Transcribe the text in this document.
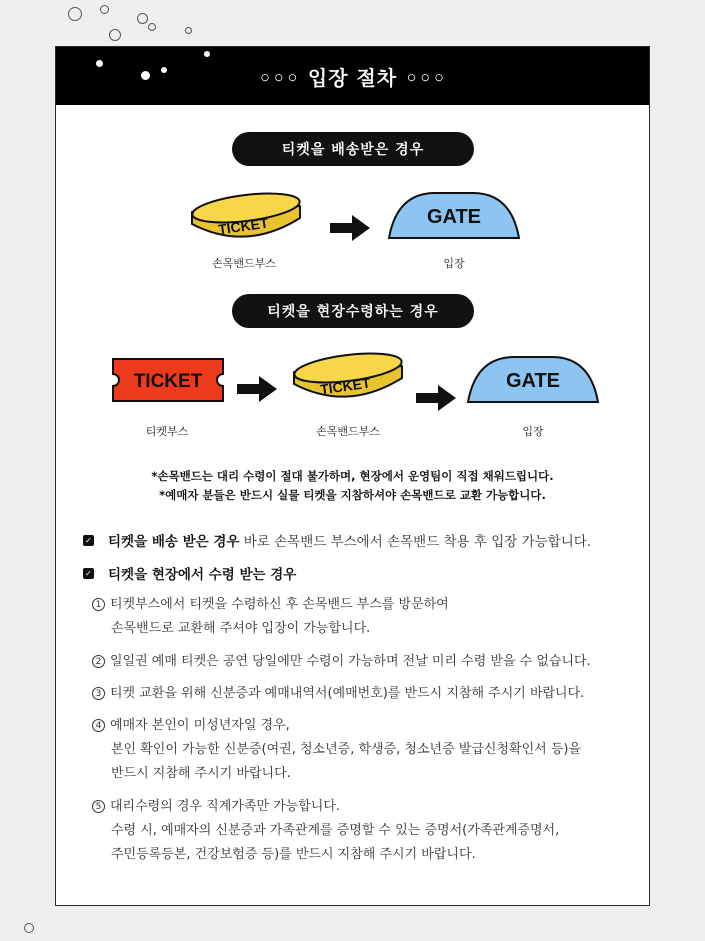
◦◦◦ 입장 절차 ◦◦◦
티켓을 배송받은 경우
TICKET	GATE
손목밴드부스	입장
티켓을 현장수령하는 경우
TICKET	TICKET	GATE
티켓부스	손목밴드부스	입장
*손목밴드는 대리 수령이 절대 불가하며, 현장에서 운영팀이 직접 채워드립니다.
*예매자 분들은 반드시 실물 티켓을 지참하셔야 손목밴드로 교환 가능합니다.
✓ 티켓을 배송 받은 경우 바로 손목밴드 부스에서 손목밴드 착용 후 입장 가능합니다.
✓ 티켓을 현장에서 수령 받는 경우
1 티켓부스에서 티켓을 수령하신 후 손목밴드 부스를 방문하여
손목밴드로 교환해 주셔야 입장이 가능합니다.
2 일일권 예매 티켓은 공연 당일에만 수령이 가능하며 전날 미리 수령 받을 수 없습니다.
3 티켓 교환을 위해 신분증과 예매내역서(예매번호)를 반드시 지참해 주시기 바랍니다.
4 예매자 본인이 미성년자일 경우,
본인 확인이 가능한 신분증(여권, 청소년증, 학생증, 청소년증 발급신청확인서 등)을
반드시 지참해 주시기 바랍니다.
5 대리수령의 경우 직계가족만 가능합니다.
수령 시, 예매자의 신분증과 가족관계를 증명할 수 있는 증명서(가족관계증명서,
주민등록등본, 건강보험증 등)를 반드시 지참해 주시기 바랍니다.
